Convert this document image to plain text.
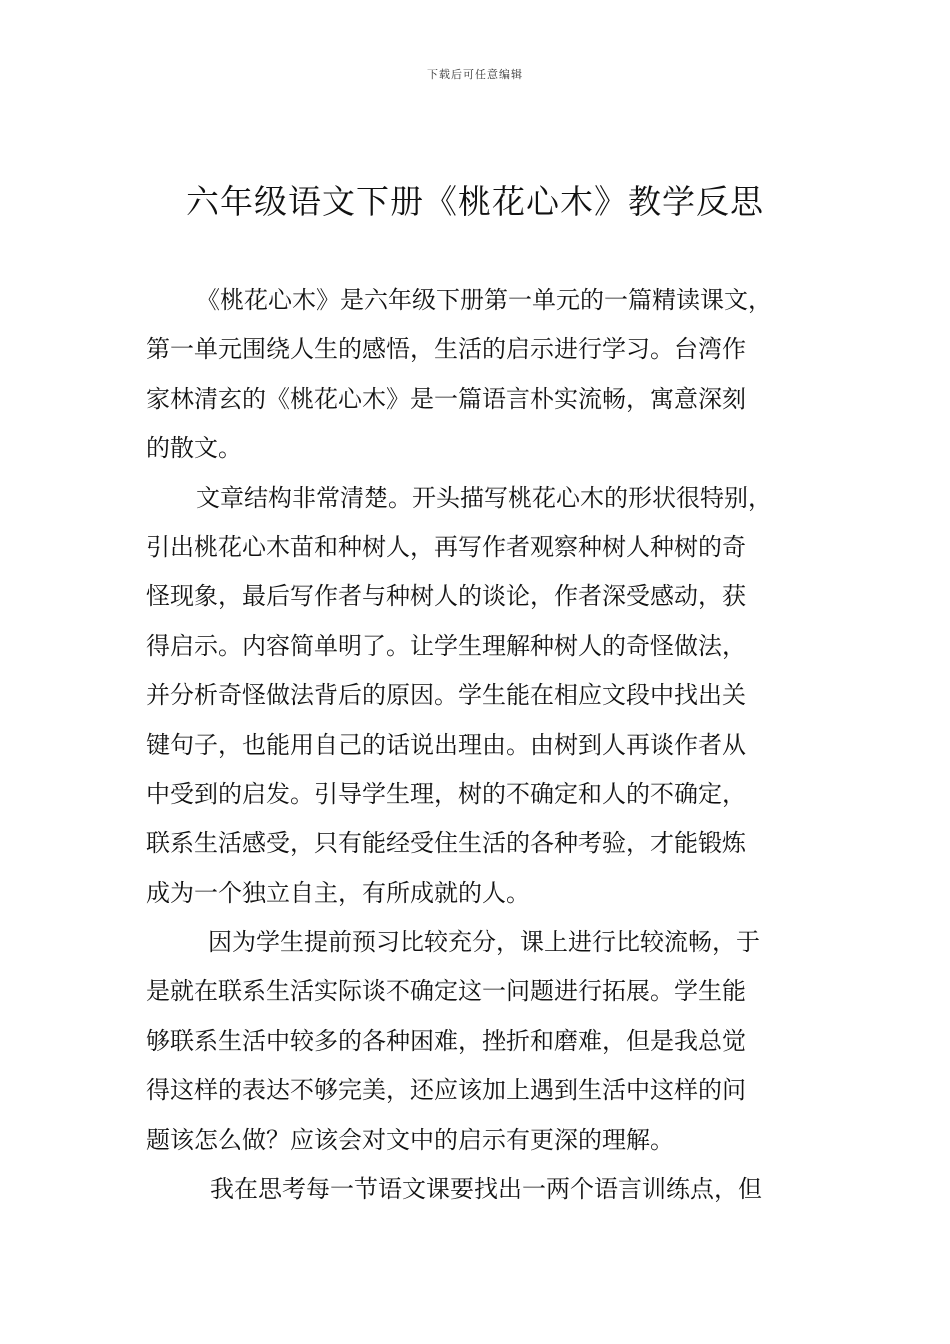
下载后可任意编辑
六年级语文下册《桃花心木》教学反思
《桃花心木》是六年级下册第一单元的一篇精读课文，
第一单元围绕人生的感悟，生活的启示进行学习。台湾作
家林清玄的《桃花心木》是一篇语言朴实流畅，寓意深刻
的散文。
文章结构非常清楚。开头描写桃花心木的形状很特别，
引出桃花心木苗和种树人，再写作者观察种树人种树的奇
怪现象，最后写作者与种树人的谈论，作者深受感动，获
得启示。内容简单明了。让学生理解种树人的奇怪做法，
并分析奇怪做法背后的原因。学生能在相应文段中找出关
键句子，也能用自己的话说出理由。由树到人再谈作者从
中受到的启发。引导学生理，树的不确定和人的不确定，
联系生活感受，只有能经受住生活的各种考验，才能锻炼
成为一个独立自主，有所成就的人。
因为学生提前预习比较充分，课上进行比较流畅，于
是就在联系生活实际谈不确定这一问题进行拓展。学生能
够联系生活中较多的各种困难，挫折和磨难，但是我总觉
得这样的表达不够完美，还应该加上遇到生活中这样的问
题该怎么做？应该会对文中的启示有更深的理解。
我在思考每一节语文课要找出一两个语言训练点，但
